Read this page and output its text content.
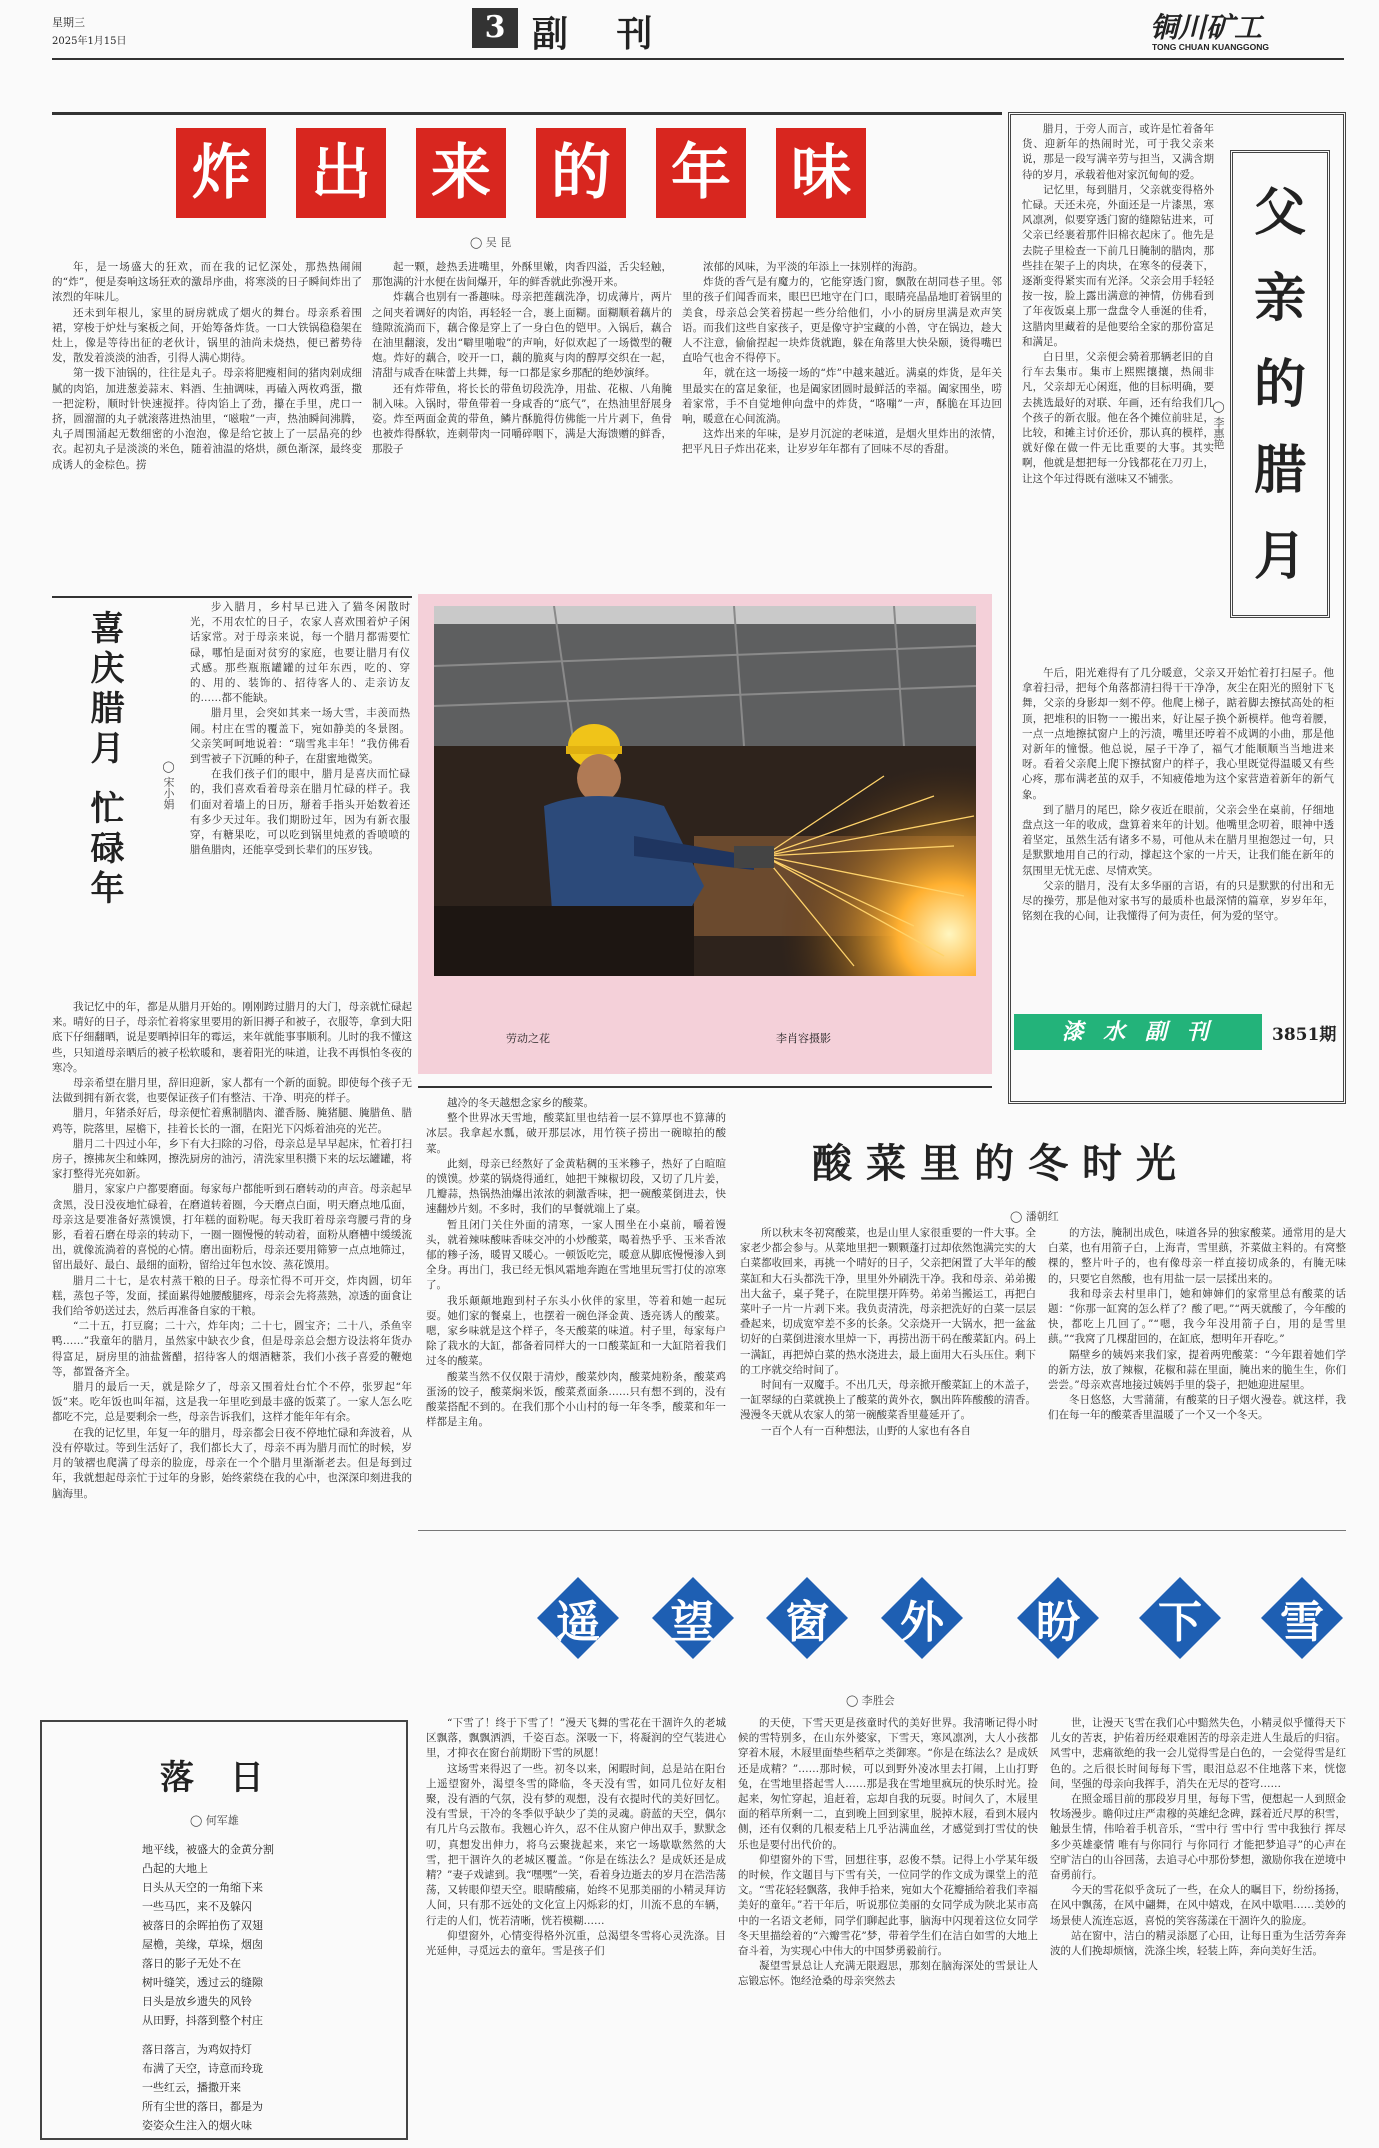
星期三
2025年1月15日	3 副 刊	铜川矿工
TONG CHUAN KUANGGONG
炸 出 来 的 年 味
◯ 吴 昆

年，是一场盛大的狂欢，而在我的记忆深处，那热热闹闹的“炸”，便是奏响这场狂欢的激昂序曲，将寒淡的日子瞬间炸出了浓烈的年味儿。

还未到年根儿，家里的厨房就成了烟火的舞台。母亲系着围裙，穿梭于炉灶与案板之间，开始筹备炸货。一口大铁锅稳稳架在灶上，像是等待出征的老伙计，锅里的油尚未烧热，便已蓄势待发，散发着淡淡的油香，引得人满心期待。

第一拨下油锅的，往往是丸子。母亲将肥瘦相间的猪肉剁成细腻的肉馅，加进葱姜蒜末、料酒、生抽调味，再磕入两枚鸡蛋，撒一把淀粉，顺时针快速搅拌。待肉馅上了劲，攥在手里，虎口一挤，圆溜溜的丸子就滚落进热油里，“嗞啦”一声，热油瞬间沸腾，丸子周围涌起无数细密的小泡泡，像是给它披上了一层晶亮的纱衣。起初丸子是淡淡的米色，随着油温的烙烘，颜色渐深，最终变成诱人的金棕色。捞

起一颗，趁热丢进嘴里，外酥里嫩，肉香四溢，舌尖轻触，那饱满的汁水便在齿间爆开，年的鲜香就此弥漫开来。

炸藕合也别有一番趣味。母亲把莲藕洗净，切成薄片，两片之间夹着调好的肉馅，再轻轻一合，裹上面糊。面糊顺着藕片的缝隙流淌而下，藕合像是穿上了一身白色的铠甲。入锅后，藕合在油里翻滚，发出“噼里啪啦”的声响，好似欢起了一场微型的鞭炮。炸好的藕合，咬开一口，藕的脆爽与肉的醇厚交织在一起，清甜与咸香在味蕾上共舞，每一口都是家乡那配的绝妙演绎。

还有炸带鱼，将长长的带鱼切段洗净，用盐、花椒、八角腌制入味。入锅时，带鱼带着一身咸香的“底气”，在热油里舒展身姿。炸至两面金黄的带鱼，鳞片酥脆得仿佛能一片片剥下，鱼骨也被炸得酥软，连刺带肉一同嚼碎咽下，满是大海馈赠的鲜香，那股子

浓郁的风味，为平淡的年添上一抹别样的海韵。

炸货的香气是有魔力的，它能穿透门窗，飘散在胡同巷子里。邻里的孩子们闻香而来，眼巴巴地守在门口，眼睛亮晶晶地盯着锅里的美食，母亲总会笑着捞起一些分给他们，小小的厨房里满是欢声笑语。而我们这些自家孩子，更是像守护宝藏的小兽，守在锅边，趁大人不注意，偷偷捏起一块炸货就跑，躲在角落里大快朵颐，烫得嘴巴直哈气也舍不得停下。

年，就在这一场接一场的“炸”中越来越近。满桌的炸货，是年关里最实在的富足象征，也是阖家团圆时最鲜活的幸福。阖家围坐，唠着家常，手不自觉地伸向盘中的炸货，“咯嘣”一声，酥脆在耳边回响，暖意在心间流淌。

这炸出来的年味，是岁月沉淀的老味道，是烟火里炸出的浓情，把平凡日子炸出花来，让岁岁年年都有了回味不尽的香甜。

腊月，于旁人而言，或许是忙着备年货、迎新年的热闹时光，可于我父亲来说，那是一段写满辛劳与担当，又满含期待的岁月，承载着他对家沉甸甸的爱。

记忆里，每到腊月，父亲就变得格外忙碌。天还未亮，外面还是一片漆黑，寒风凛冽，似要穿透门窗的缝隙钻进来，可父亲已经裹着那件旧棉衣起床了。他先是去院子里检查一下前几日腌制的腊肉，那些挂在架子上的肉块，在寒冬的侵袭下，逐渐变得紧实而有光泽。父亲会用手轻轻按一按，脸上露出满意的神情，仿佛看到了年夜饭桌上那一盘盘令人垂涎的佳肴，这腊肉里藏着的是他要给全家的那份富足和满足。

白日里，父亲便会骑着那辆老旧的自行车去集市。集市上熙熙攘攘，热闹非凡，父亲却无心闲逛，他的目标明确，要去挑选最好的对联、年画，还有给我们几个孩子的新衣服。他在各个摊位前驻足，比较，和摊主讨价还价，那认真的模样，就好像在做一件无比重要的大事。其实啊，他就是想把每一分钱都花在刀刃上，让这个年过得既有滋味又不铺张。

父
亲
的
腊
月
◯ 李惠艳

午后，阳光难得有了几分暖意，父亲又开始忙着打扫屋子。他拿着扫帚，把每个角落都清扫得干干净净，灰尘在阳光的照射下飞舞，父亲的身影却一刻不停。他爬上梯子，踮着脚去擦拭高处的柜顶，把堆积的旧物一一搬出来，好让屋子换个新模样。他弯着腰，一点一点地擦拭窗户上的污渍，嘴里还哼着不成调的小曲，那是他对新年的憧憬。他总说，屋子干净了，福气才能顺顺当当地进来呀。看着父亲爬上爬下擦拭窗户的样子，我心里既觉得温暖又有些心疼，那布满老茧的双手，不知疲倦地为这个家营造着新年的新气象。

到了腊月的尾巴，除夕夜近在眼前，父亲会坐在桌前，仔细地盘点这一年的收成，盘算着来年的计划。他嘴里念叨着，眼神中透着坚定，虽然生活有诸多不易，可他从未在腊月里抱怨过一句，只是默默地用自己的行动，撑起这个家的一片天，让我们能在新年的氛围里无忧无虑、尽情欢笑。

父亲的腊月，没有太多华丽的言语，有的只是默默的付出和无尽的操劳，那是他对家书写的最质朴也最深情的篇章，岁岁年年，铭刻在我的心间，让我懂得了何为责任，何为爱的坚守。

喜庆腊月
忙碌年
◯ 宋小娟

步入腊月，乡村早已进入了猫冬闲散时光，不用农忙的日子，农家人喜欢围着炉子闲话家常。对于母亲来说，每一个腊月都需要忙碌，哪怕是面对贫穷的家庭，也要让腊月有仪式感。那些瓶瓶罐罐的过年东西，吃的、穿的、用的、装饰的、招待客人的、走亲访友的……都不能缺。

腊月里，会突如其来一场大雪，丰羡而热闹。村庄在雪的覆盖下，宛如静美的冬景图。父亲笑呵呵地说着：“瑞雪兆丰年！”我仿佛看到雪被子下沉睡的种子，在甜蜜地微笑。

在我们孩子们的眼中，腊月是喜庆而忙碌的，我们喜欢看着母亲在腊月忙碌的样子。我们面对着墙上的日历，掰着手指头开始数着还有多少天过年。我们期盼过年，因为有新衣服穿，有糖果吃，可以吃到锅里炖煮的香喷喷的腊鱼腊肉，还能享受到长辈们的压岁钱。

我记忆中的年，都是从腊月开始的。刚刚跨过腊月的大门，母亲就忙碌起来。晴好的日子，母亲忙着将家里要用的新旧褥子和被子，衣服等，拿到大阳底下仔细翻晒，说是要晒掉旧年的霉运，来年就能事事顺利。儿时的我不懂这些，只知道母亲晒后的被子松软暖和，裹着阳光的味道，让我不再惧怕冬夜的寒冷。

母亲希望在腊月里，辞旧迎新，家人都有一个新的面貌。即使每个孩子无法做到拥有新衣裳，也要保证孩子们有整洁、干净、明亮的样子。

腊月，年猪杀好后，母亲便忙着熏制腊肉、灌香肠、腌猪腿、腌腊鱼、腊鸡等，院落里，屋檐下，挂着长长的一溜，在阳光下闪烁着油亮的光芒。

腊月二十四过小年，乡下有大扫除的习俗，母亲总是早早起床，忙着打扫房子，擦拂灰尘和蛛网，擦洗厨房的油污，清洗家里积攒下来的坛坛罐罐，将家打整得光亮如新。

腊月，家家户户都要磨面。每家每户都能听到石磨转动的声音。母亲起早贪黑，没日没夜地忙碌着，在磨道转着圈，今天磨点白面，明天磨点地瓜面，母亲这是要准备好蒸馍馍，打年糕的面粉呢。每天我盯着母亲弯腰弓背的身影，看着石磨在母亲的转动下，一圈一圈慢慢的转动着，面粉从磨槽中缓缓流出，就像流淌着的喜悦的心情。磨出面粉后，母亲还要用筛箩一点点地筛过，留出最好、最白、最细的面粉，留给过年包水饺、蒸花馍用。

腊月二十七，是农村蒸干粮的日子。母亲忙得不可开交，炸肉圆，切年糕，蒸包子等，发面，揉面累得她腰酸腿疼，母亲会先将蒸熟，凉透的面食让我们给爷奶送过去，然后再准备自家的干粮。

“二十五，打豆腐；二十六，炸年肉；二十七，圆宝齐；二十八，杀鱼宰鸭……”我童年的腊月，虽然家中缺衣少食，但是母亲总会想方设法将年货办得富足，厨房里的油盐酱醋，招待客人的烟酒糖茶，我们小孩子喜爱的鞭炮等，都置备齐全。

腊月的最后一天，就是除夕了，母亲又围着灶台忙个不停，张罗起“年饭”来。吃年饭也叫年福，这是我一年里吃到最丰盛的饭菜了。一家人怎么吃都吃不完，总是要剩余一些，母亲告诉我们，这样才能年年有余。

在我的记忆里，年复一年的腊月，母亲都会日夜不停地忙碌和奔波着，从没有停歇过。等到生活好了，我们都长大了，母亲不再为腊月而忙的时候，岁月的皱褶也爬满了母亲的脸庞，母亲在一个个腊月里渐渐老去。但是每到过年，我就想起母亲忙于过年的身影，始终萦绕在我的心中，也深深印刻进我的脑海里。

劳动之花	李肖容摄影	漆 水 副 刊	3851期
落 日
◯ 何军雄
地平线，被盛大的金黄分割
凸起的大地上
日头从天空的一角缩下来
一些马匹，来不及躲闪
被落日的余晖拍伤了双翅
屋檐，美缘，草垛，烟囱
落日的影子无处不在
树叶缝笑，透过云的缝隙
日头是放乡遗失的风铃
从田野，抖落到整个村庄
落日落言，为鸡奴持灯
布满了天空，诗意而玲珑
一些红云，播撒开来
所有尘世的落日，都是为
姿姿众生注入的烟火味

越冷的冬天越想念家乡的酸菜。

整个世界冰天雪地，酸菜缸里也结着一层不算厚也不算薄的冰层。我拿起水瓢，破开那层冰，用竹筷子捞出一碗晾拍的酸菜。

此刻，母亲已经熬好了金黄粘稠的玉米糁子，热好了白暄暄的馍馍。炒菜的锅烧得通红，她把干辣椒切段，又切了几片姜，几瓣蒜，热锅热油爆出浓浓的刺激香味，把一碗酸菜倒进去，快速翻炒片刻。不多时，我们的早餐就端上了桌。

暂且闭门关住外面的清寒，一家人围坐在小桌前，嚼着馒头，就着辣味酸味香味交冲的小炒酸菜，喝着热乎乎、玉米香浓郁的糁子汤，暖胃又暖心。一顿饭吃完，暖意从脚底慢慢渗入到全身。再出门，我已经无惧风霜地奔跑在雪地里玩雪打仗的凉寒了。

我乐颠颠地跑到村子东头小伙伴的家里，等着和她一起玩耍。她们家的餐桌上，也摆着一碗色泽金黄、透亮诱人的酸菜。嗯，家乡味就是这个样子，冬天酸菜的味道。村子里，每家每户除了栽水的大缸，都备着同样大的一口酸菜缸和一大缸陪着我们过冬的酸菜。

酸菜当然不仅仅限于清炒，酸菜炒肉，酸菜炖粉条，酸菜鸡蛋汤的饺子，酸菜焖米饭，酸菜煮面条……只有想不到的，没有酸菜搭配不到的。在我们那个小山村的每一年冬季，酸菜和年一样都是主角。

酸菜里的冬时光
◯ 潘朝红

所以秋末冬初窝酸菜，也是山里人家很重要的一件大事。全家老少都会参与。从菜地里把一颗颗蓬打过却依然饱满完实的大白菜都收回来，再挑一个晴好的日子，父亲把闲置了大半年的酸菜缸和大石头都洗干净，里里外外刷洗干净。我和母亲、弟弟搬出大盆子，桌子凳子，在院里摆开阵势。弟弟当搬运工，再把白菜叶子一片一片剥下来。我负责清洗，母亲把洗好的白菜一层层叠起来，切成宽窄差不多的长条。父亲烧开一大锅水，把一盆盆切好的白菜倒进滚水里焯一下，再捞出沥干码在酸菜缸内。码上一满缸，再把焯白菜的热水浇进去，最上面用大石头压住。剩下的工序就交给时间了。

时间有一双魔手。不出几天，母亲掀开酸菜缸上的木盖子，一缸翠绿的白菜就换上了酸菜的黄外衣，飘出阵阵酸酸的清香。漫漫冬天就从农家人的第一碗酸菜香里蔓延开了。

一百个人有一百种想法，山野的人家也有各自

的方法，腌制出成色，味道各异的独家酸菜。通常用的是大白菜，也有用箭子白，上海青，雪里蕻，芥菜做主料的。有窝整棵的，整片叶子的，也有像母亲一样直接切成条的，有腌无味的，只要它自然酸，也有用盐一层一层揉出来的。

我和母亲去村里串门，她和婶婶们的家常里总有酸菜的话题：“你那一缸窝的怎么样了？酸了吧。”“两天就酸了，今年酸的快，都吃上几回了。”“嗯，我今年没用箭子白，用的是雪里蕻。”“我窝了几棵甜回的，在缸底，想明年开春吃。”

隔壁乡的姨妈来我们家，提着两兜酸菜：“今年跟着她们学的新方法，放了辣椒，花椒和蒜在里面，腌出来的脆生生，你们尝尝。”母亲欢喜地接过姨妈手里的袋子，把她迎进屋里。

冬日悠悠，大雪蒲蒲，有酸菜的日子烟火漫卷。就这样，我们在每一年的酸菜香里温暖了一个又一个冬天。

遥 望 窗 外 盼 下 雪
◯ 李胜会

“下雪了！终于下雪了！”漫天飞舞的雪花在干涸许久的老城区飘落，飘飘洒洒，千姿百态。深吸一下，将凝润的空气装进心里，才抑衣在窗台前期盼下雪的夙愿！

这场雪来得迟了一些。初冬以来，闲暇时间，总是站在阳台上遥望窗外，渴望冬雪的降临，冬天没有雪，如同几位好友相聚，没有酒的气氛，没有梦的观想，没有衣提时代的美好回忆。没有雪景，干冷的冬季似乎缺少了美的灵魂。蔚蓝的天空，偶尔有几片乌云散布。我翘心许久，忍不住从窗户伸出双手，默默念叨，真想发出伸力，将乌云聚拢起来，来它一场歇歇然然的大雪，把干涸许久的老城区覆盖。“你是在练法么？是成妖还是成精？”妻子戏谑到。我“嘿嘿”一笑，看着身边逝去的岁月在浩浩荡荡，又转眼仰望天空。眼睛酸痛，始终不见那美丽的小精灵拜访人间，只有那不远处的文化宣上闪烁彩的灯，川流不息的车辆，行走的人们，恍若清晰，恍若模糊……

仰望窗外，心情变得格外沉重，总渴望冬雪将心灵洗涤。目光延伸，寻觅远去的童年。雪是孩子们

的天使，下雪天更是孩童时代的美好世界。我清晰记得小时候的雪特别多，在山东外婆家，下雪天，寒风凛冽，大人小孩都穿着木屐，木屐里面垫些稻草之类御寒。“你是在练法么？是成妖还是成精？”……那时候，可以到野外凌冰里去打闹，上山打野兔，在雪地里搭起雪人……那是我在雪地里疯玩的快乐时光。捡起来，匆忙穿起，追赶着，忘却自我的玩耍。时间久了，木屐里面的稻草所剩一二，直到晚上回到家里，脱掉木屐，看到木屐内侧，还有仅剩的几根麦秸上几乎沾满血丝，才感觉到打雪仗的快乐也是要付出代价的。

仰望窗外的下雪，回想往事，忍俊不禁。记得上小学某年级的时候，作文题目与下雪有关，一位同学的作文成为课堂上的范文。“雪花轻轻飘落，我伸手拾来，宛如大个花瓣插给着我们幸福美好的童年。”若干年后，听说那位美丽的女同学成为陕北某市高中的一名语文老师，同学们聊起此事，脑海中闪现着这位女同学冬天里描绘着的“六瓣雪花”梦，带着学生们在洁白如雪的大地上奋斗着，为实现心中伟大的中国梦勇毅前行。

凝望雪景总让人充满无限遐思，那刻在脑海深处的雪景让人忘锻忘怀。饱经沧桑的母亲突然去

世，让漫天飞雪在我们心中黯然失色，小精灵似乎懂得天下儿女的苦衷，护佑着历经艰难困苦的母亲走进人生最后的归宿。风雪中，悲痛欲绝的我一会儿觉得雪是白色的，一会觉得雪是红色的。之后很长时间每每下雪，眼泪总忍不住地落下来，恍惚间，坚强的母亲向我挥手，消失在无尽的苍穹……

在照金瑶目前的那段岁月里，每每下雪，便想起一人到照金牧场漫步。瞻仰过庄严肃穆的英雄纪念碑，踩着近尺厚的积雪，触景生情，伟哈着手机音乐，“雪中行 雪中行 雪中我独行 挥尽多少英雄豪情 唯有与你同行 与你同行 才能把梦追寻”的心声在空旷洁白的山谷回荡，去追寻心中那份梦想，激励你我在逆境中奋勇前行。

今天的雪花似乎贪玩了一些，在众人的瞩目下，纷纷扬扬，在风中飘荡，在风中翩舞，在风中嬉戏，在风中歇唱……美妙的场景使人流连忘返，喜悦的笑容荡漾在干涸许久的脸庞。

站在窗中，洁白的精灵添愿了心田，让每日重为生活劳奔奔波的人们挽却烦恼，洗涤尘埃，轻装上阵，奔向美好生活。
